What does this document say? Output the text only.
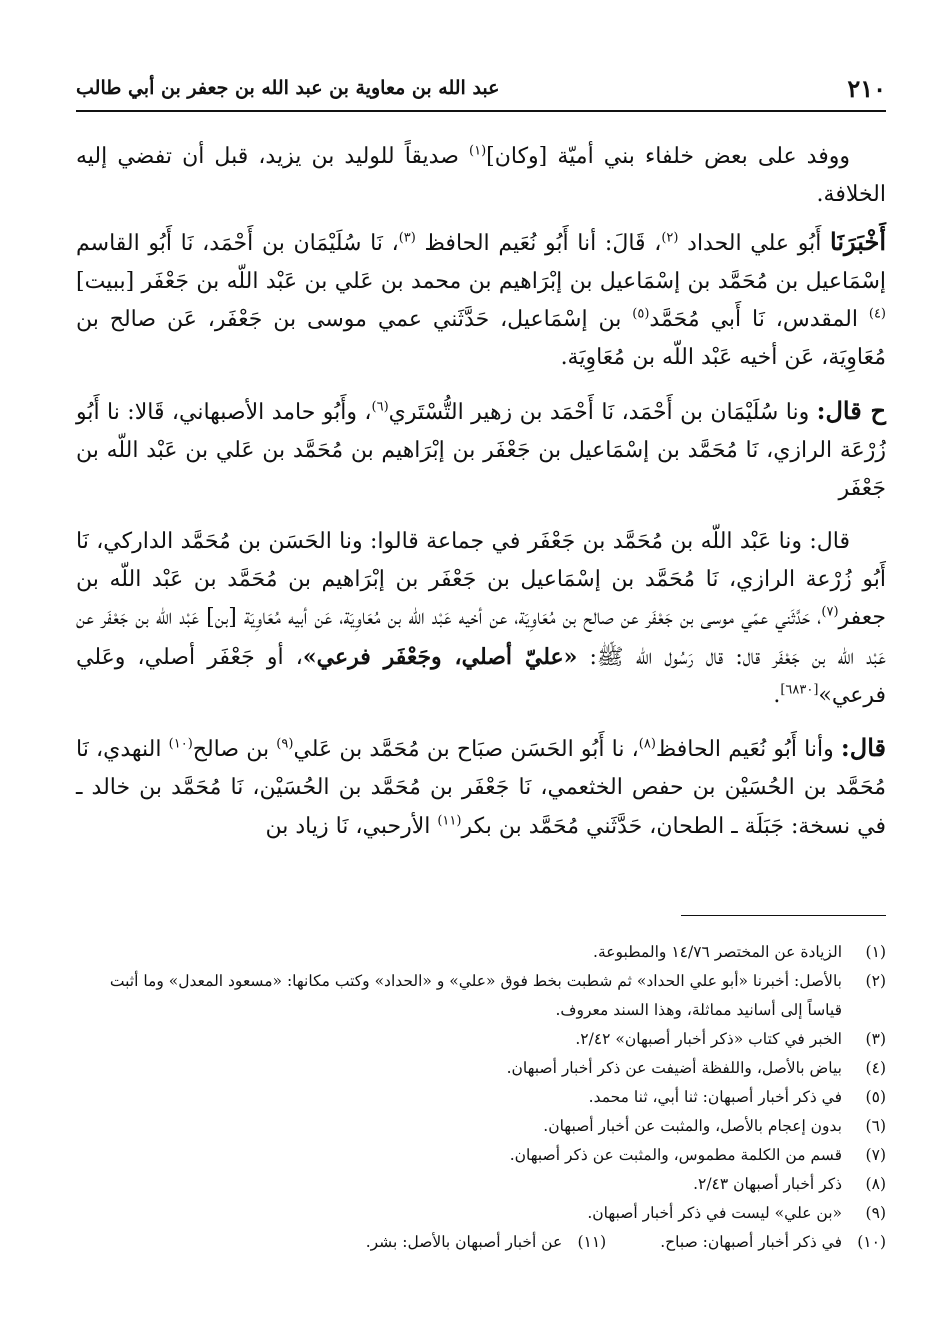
٢١٠
عبد الله بن معاوية بن عبد الله بن جعفر بن أبي طالب

ووفد على بعض خلفاء بني أميّة [وكان]$^{(١)}$ صديقاً للوليد بن يزيد، قبل أن تفضي إليه الخلافة.

أَخْبَرَنَا أَبُو علي الحداد $^{(٢)}$، قَالَ: أنا أَبُو نُعَيم الحافظ $^{(٣)}$، نَا سُلَيْمَان بن أَحْمَد، نَا أَبُو القاسم إسْمَاعيل بن مُحَمَّد بن إسْمَاعيل بن إبْرَاهيم بن محمد بن عَلي بن عَبْد اللّه بن جَعْفَر [ببيت]$^{(٤)}$ المقدس، نَا أَبي مُحَمَّد$^{(٥)}$ بن إسْمَاعيل، حَدَّثَني عمي موسى بن جَعْفَر، عَن صالح بن مُعَاوِيَة، عَن أخيه عَبْد اللّه بن مُعَاوِيَة.

ح قال: ونا سُلَيْمَان بن أَحْمَد، نَا أَحْمَد بن زهير التُّسْتَري$^{(٦)}$، وأَبُو حامد الأصبهاني، قَالا: نا أَبُو زُرْعَة الرازي، نَا مُحَمَّد بن إسْمَاعيل بن جَعْفَر بن إبْرَاهيم بن مُحَمَّد بن عَلي بن عَبْد اللّه بن جَعْفَر

قال: ونا عَبْد اللّه بن مُحَمَّد بن جَعْفَر في جماعة قالوا: ونا الحَسَن بن مُحَمَّد الداركي، نَا أَبُو زُرْعة الرازي، نَا مُحَمَّد بن إسْمَاعيل بن جَعْفَر بن إبْرَاهيم بن مُحَمَّد بن عَبْد اللّه بن جعفر$^{(٧)}$، حَدَّثَني عمّي موسى بن جَعْفَر عن صالح بن مُعَاوِيَة، عن أخيه عَبْد اللّه بن مُعَاوِيَة، عَن أبيه مُعَاوِيَة [بن] عَبْد اللّه بن جَعْفَر عن عَبْد اللّه بن جَعْفَر قال: قال رَسُول اللّه ﷺ: «عليّ أصلي، وجَعْفَر فرعي»، أو جَعْفَر أصلي، وعَلي فرعي»[٦٨٣٠].

قال: وأنا أَبُو نُعَيم الحافظ$^{(٨)}$، نا أَبُو الحَسَن صبَاح بن مُحَمَّد بن عَلي$^{(٩)}$ بن صالح$^{(١٠)}$ النهدي، نَا مُحَمَّد بن الحُسَيْن بن حفص الخثعمي، نَا جَعْفَر بن مُحَمَّد بن الحُسَيْن، نَا مُحَمَّد بن خالد ـ في نسخة: جَبَلَة ـ الطحان، حَدَّثَني مُحَمَّد بن بكر$^{(١١)}$ الأرحبي، نَا زياد بن

(١)
الزيادة عن المختصر ١٤/٧٦ والمطبوعة.
(٢)
بالأصل: أخبرنا «أبو علي الحداد» ثم شطبت بخط فوق «علي» و «الحداد» وكتب مكانها: «مسعود المعدل» وما أثبت قياساً إلى أسانيد مماثلة، وهذا السند معروف.
(٣)
الخبر في كتاب «ذكر أخبار أصبهان» ٢/٤٢.
(٤)
بياض بالأصل، واللفظة أضيفت عن ذكر أخبار أصبهان.
(٥)
في ذكر أخبار أصبهان: ثنا أبي، ثنا محمد.
(٦)
بدون إعجام بالأصل، والمثبت عن أخبار أصبهان.
(٧)
قسم من الكلمة مطموس، والمثبت عن ذكر أصبهان.
(٨)
ذكر أخبار أصبهان ٢/٤٣.
(٩)
«بن علي» ليست في ذكر أخبار أصبهان.
(١٠)
في ذكر أخبار أصبهان: صباح.
(١١)
عن أخبار أصبهان بالأصل: بشر.
